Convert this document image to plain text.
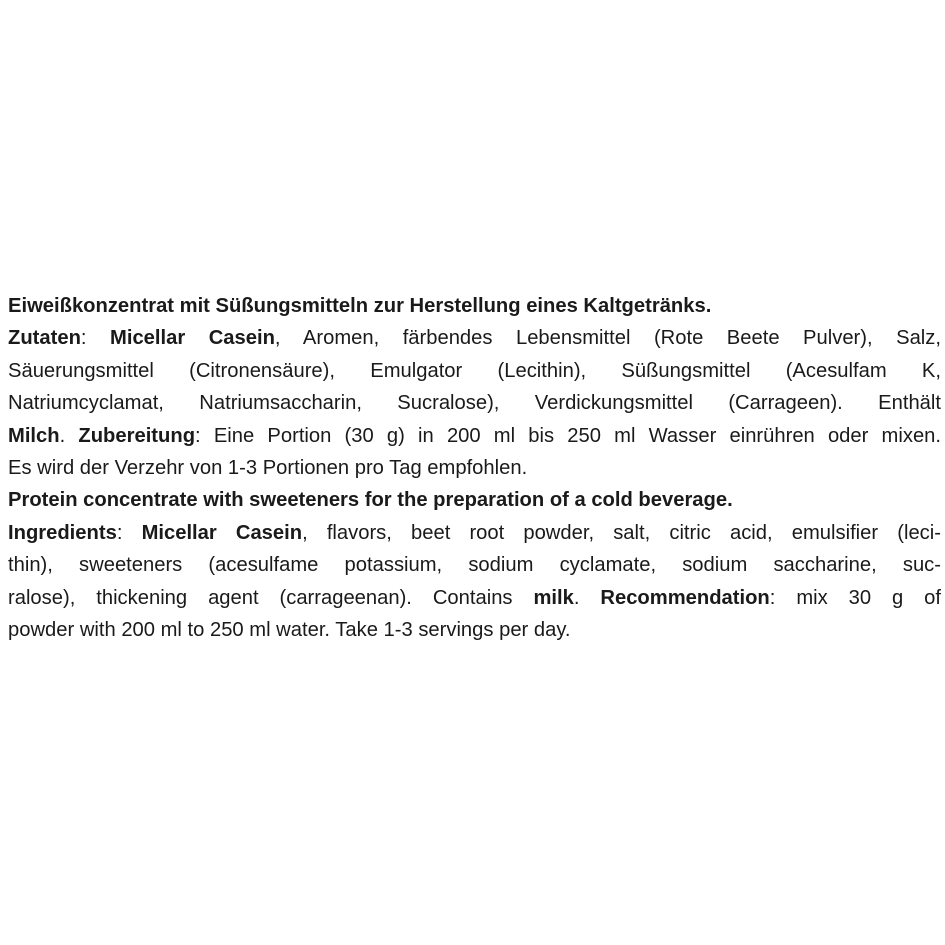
Eiweißkonzentrat mit Süßungsmitteln zur Herstellung eines Kaltgetränks.
Zutaten: Micellar Casein, Aromen, färbendes Lebensmittel (Rote Beete Pulver), Salz,
Säuerungsmittel (Citronensäure), Emulgator (Lecithin), Süßungsmittel (Acesulfam K,
Natriumcyclamat, Natriumsaccharin, Sucralose), Verdickungsmittel (Carrageen). Enthält
Milch. Zubereitung: Eine Portion (30 g) in 200 ml bis 250 ml Wasser einrühren oder mixen.
Es wird der Verzehr von 1-3 Portionen pro Tag empfohlen.
Protein concentrate with sweeteners for the preparation of a cold beverage.
Ingredients: Micellar Casein, flavors, beet root powder, salt, citric acid, emulsifier (leci-
thin), sweeteners (acesulfame potassium, sodium cyclamate, sodium saccharine, suc-
ralose), thickening agent (carrageenan). Contains milk. Recommendation: mix 30 g of
powder with 200 ml to 250 ml water. Take 1-3 servings per day.
